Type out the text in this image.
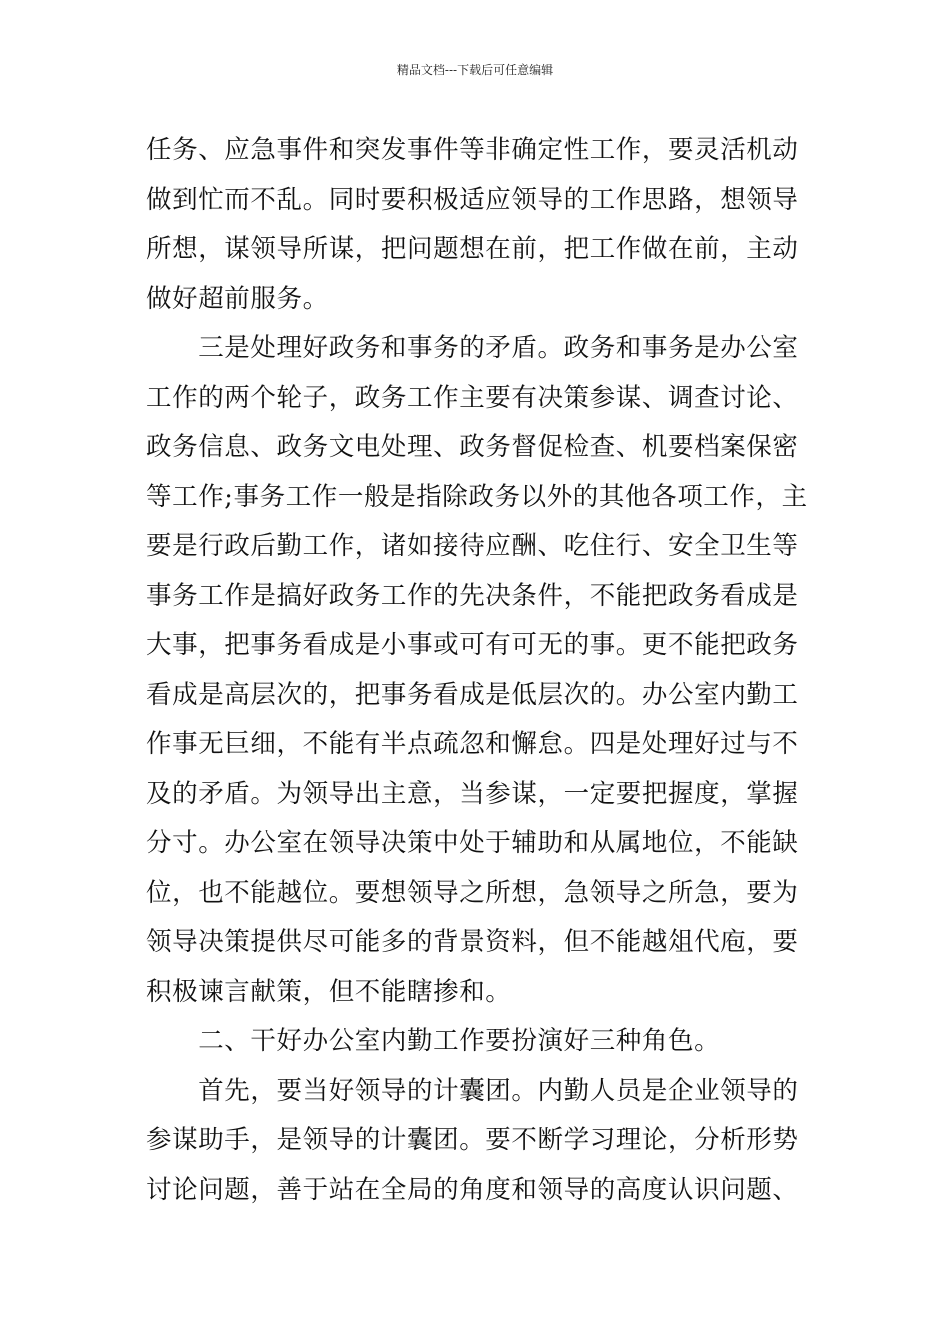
精品文档---下载后可任意编辑
任务、应急事件和突发事件等非确定性工作，要灵活机动
做到忙而不乱。同时要积极适应领导的工作思路，想领导
所想，谋领导所谋，把问题想在前，把工作做在前，主动
做好超前服务。
　　三是处理好政务和事务的矛盾。政务和事务是办公室
工作的两个轮子，政务工作主要有决策参谋、调查讨论、
政务信息、政务文电处理、政务督促检查、机要档案保密
等工作;事务工作一般是指除政务以外的其他各项工作，主
要是行政后勤工作，诸如接待应酬、吃住行、安全卫生等
事务工作是搞好政务工作的先决条件，不能把政务看成是
大事，把事务看成是小事或可有可无的事。更不能把政务
看成是高层次的，把事务看成是低层次的。办公室内勤工
作事无巨细，不能有半点疏忽和懈怠。四是处理好过与不
及的矛盾。为领导出主意，当参谋，一定要把握度，掌握
分寸。办公室在领导决策中处于辅助和从属地位，不能缺
位，也不能越位。要想领导之所想，急领导之所急，要为
领导决策提供尽可能多的背景资料，但不能越俎代庖，要
积极谏言献策，但不能瞎掺和。
　　二、干好办公室内勤工作要扮演好三种角色。
　　首先，要当好领导的计囊团。内勤人员是企业领导的
参谋助手，是领导的计囊团。要不断学习理论，分析形势
讨论问题，善于站在全局的角度和领导的高度认识问题、
